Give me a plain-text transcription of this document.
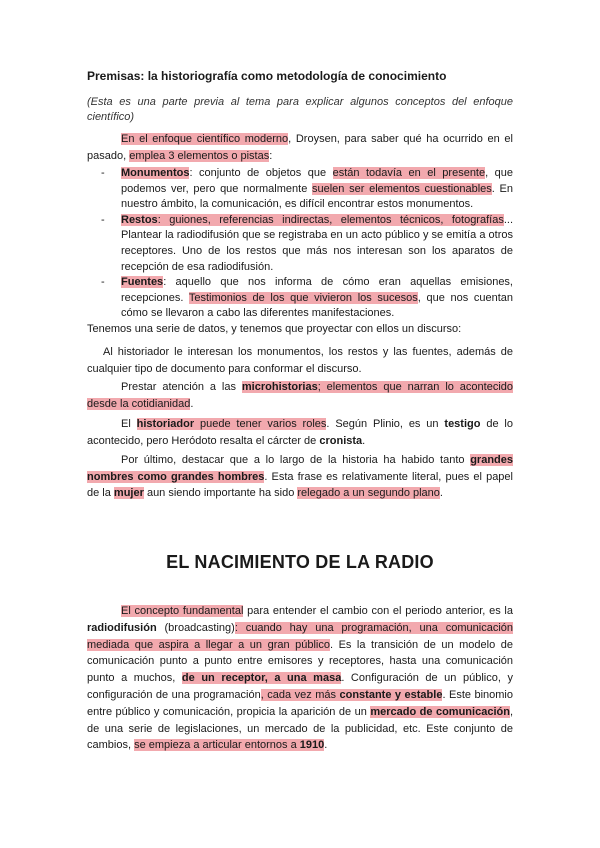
Premisas: la historiografía como metodología de conocimiento
(Esta es una parte previa al tema para explicar algunos conceptos del enfoque científico)
En el enfoque científico moderno, Droysen, para saber qué ha ocurrido en el pasado, emplea 3 elementos o pistas:
- Monumentos: conjunto de objetos que están todavía en el presente, que podemos ver, pero que normalmente suelen ser elementos cuestionables. En nuestro ámbito, la comunicación, es difícil encontrar estos monumentos.
- Restos: guiones, referencias indirectas, elementos técnicos, fotografías... Plantear la radiodifusión que se registraba en un acto público y se emitía a otros receptores. Uno de los restos que más nos interesan son los aparatos de recepción de esa radiodifusión.
- Fuentes: aquello que nos informa de cómo eran aquellas emisiones, recepciones. Testimonios de los que vivieron los sucesos, que nos cuentan cómo se llevaron a cabo las diferentes manifestaciones.
Tenemos una serie de datos, y tenemos que proyectar con ellos un discurso:
Al historiador le interesan los monumentos, los restos y las fuentes, además de cualquier tipo de documento para conformar el discurso.
Prestar atención a las microhistorias; elementos que narran lo acontecido desde la cotidianidad.
El historiador puede tener varios roles. Según Plinio, es un testigo de lo acontecido, pero Heródoto resalta el cárcter de cronista.
Por último, destacar que a lo largo de la historia ha habido tanto grandes nombres como grandes hombres. Esta frase es relativamente literal, pues el papel de la mujer aun siendo importante ha sido relegado a un segundo plano.
EL NACIMIENTO DE LA RADIO
El concepto fundamental para entender el cambio con el periodo anterior, es la radiodifusión (broadcasting): cuando hay una programación, una comunicación mediada que aspira a llegar a un gran público. Es la transición de un modelo de comunicación punto a punto entre emisores y receptores, hasta una comunicación punto a muchos, de un receptor, a una masa. Configuración de un público, y configuración de una programación, cada vez más constante y estable. Este binomio entre público y comunicación, propicia la aparición de un mercado de comunicación, de una serie de legislaciones, un mercado de la publicidad, etc. Este conjunto de cambios, se empieza a articular entornos a 1910.
